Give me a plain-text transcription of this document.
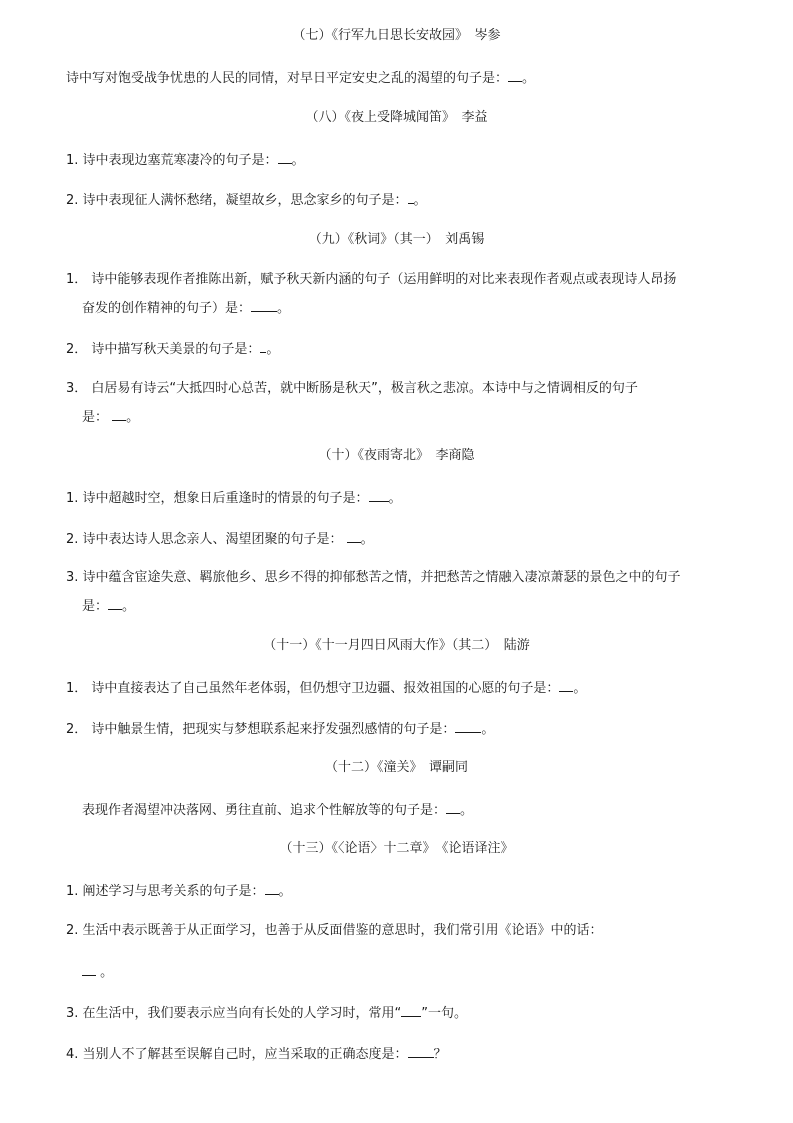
（七）《行军九日思长安故园》　岑参
诗中写对饱受战争忧患的人民的同情，对早日平定安史之乱的渴望的句子是： 。
（八）《夜上受降城闻笛》　李益
1. 诗中表现边塞荒寒凄冷的句子是： 。
2. 诗中表现征人满怀愁绪，凝望故乡，思念家乡的句子是： 。
（九）《秋词》（其一）　刘禹锡
1． 诗中能够表现作者推陈出新，赋予秋天新内涵的句子（运用鲜明的对比来表现作者观点或表现诗人昂扬
奋发的创作精神的句子）是： 。
2． 诗中描写秋天美景的句子是： 。
3． 白居易有诗云“大抵四时心总苦，就中断肠是秋天”，极言秋之悲凉。本诗中与之情调相反的句子
是： 。
（十）《夜雨寄北》　李商隐
1. 诗中超越时空，想象日后重逢时的情景的句子是： 。
2. 诗中表达诗人思念亲人、渴望团聚的句子是： 。
3. 诗中蕴含宦途失意、羁旅他乡、思乡不得的抑郁愁苦之情，并把愁苦之情融入凄凉萧瑟的景色之中的句子
是： 。
（十一）《十一月四日风雨大作》（其二）　陆游
1． 诗中直接表达了自己虽然年老体弱，但仍想守卫边疆、报效祖国的心愿的句子是： 。
2． 诗中触景生情，把现实与梦想联系起来抒发强烈感情的句子是： 。
（十二）《潼关》　谭嗣同
表现作者渴望冲决落网、勇往直前、追求个性解放等的句子是： 。
（十三）《〈论语〉十二章》　《论语译注》
1. 阐述学习与思考关系的句子是： 。
2. 生活中表示既善于从正面学习，也善于从反面借鉴的意思时，我们常引用《论语》中的话：
。
3. 在生活中，我们要表示应当向有长处的人学习时，常用“ ”一句。
4. 当别人不了解甚至误解自己时，应当采取的正确态度是： ？
